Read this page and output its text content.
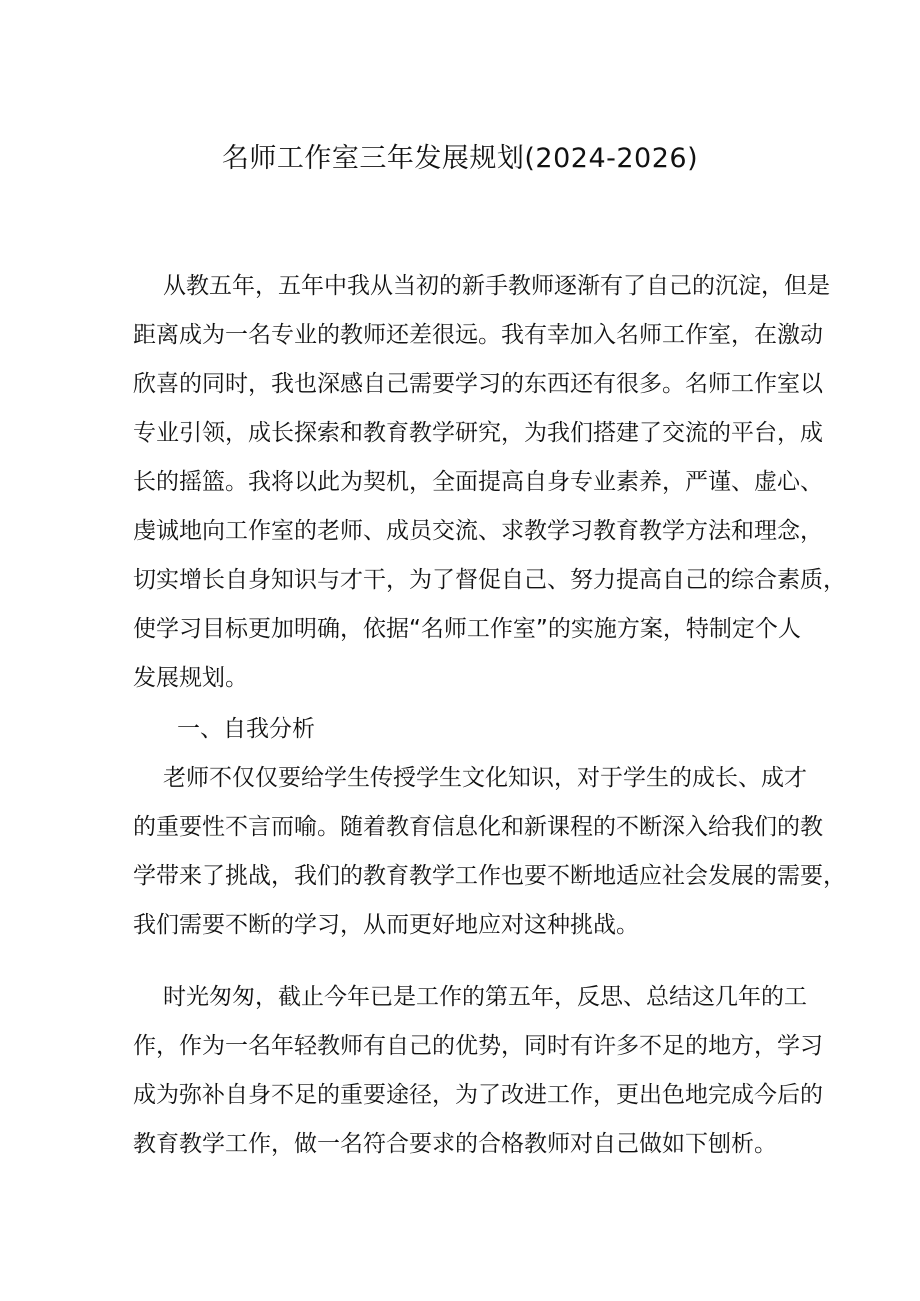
名师工作室三年发展规划(2024-2026)
从教五年，五年中我从当初的新手教师逐渐有了自己的沉淀，但是
距离成为一名专业的教师还差很远。我有幸加入名师工作室，在激动
欣喜的同时，我也深感自己需要学习的东西还有很多。名师工作室以
专业引领，成长探索和教育教学研究，为我们搭建了交流的平台，成
长的摇篮。我将以此为契机，全面提高自身专业素养，严谨、虚心、
虔诚地向工作室的老师、成员交流、求教学习教育教学方法和理念，
切实增长自身知识与才干，为了督促自己、努力提高自己的综合素质，
使学习目标更加明确，依据“名师工作室”的实施方案，特制定个人
发展规划。
一、自我分析
老师不仅仅要给学生传授学生文化知识，对于学生的成长、成才
的重要性不言而喻。随着教育信息化和新课程的不断深入给我们的教
学带来了挑战，我们的教育教学工作也要不断地适应社会发展的需要，
我们需要不断的学习，从而更好地应对这种挑战。
时光匆匆，截止今年已是工作的第五年，反思、总结这几年的工
作，作为一名年轻教师有自己的优势，同时有许多不足的地方，学习
成为弥补自身不足的重要途径，为了改进工作，更出色地完成今后的
教育教学工作，做一名符合要求的合格教师对自己做如下刨析。
